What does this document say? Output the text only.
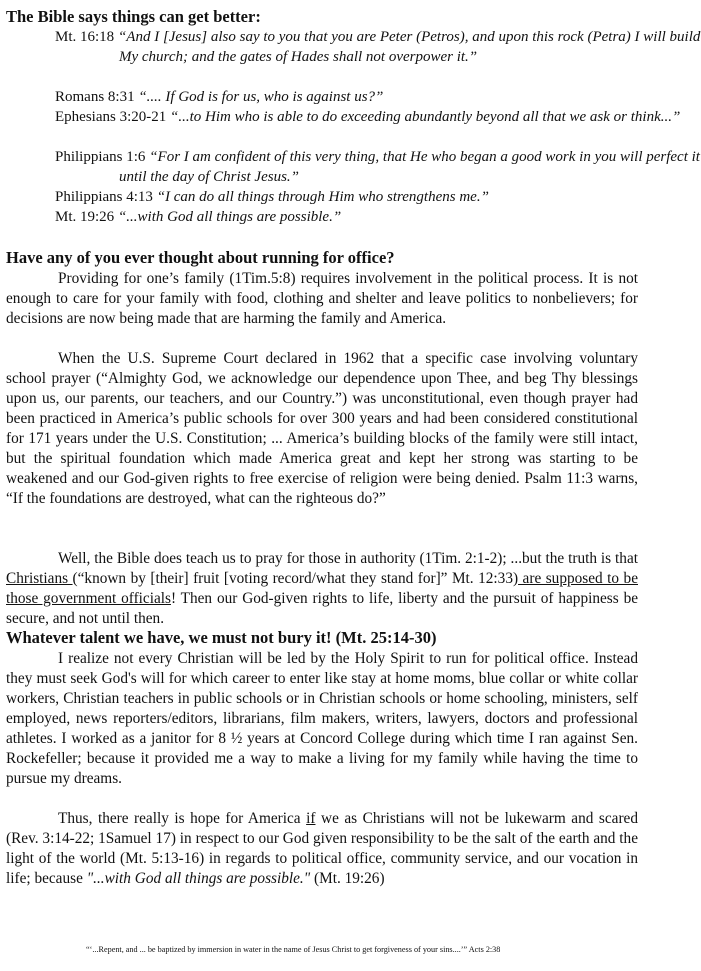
The Bible says things can get better:
Mt. 16:18 “And I [Jesus] also say to you that you are Peter (Petros), and upon this rock (Petra) I will build My church; and the gates of Hades shall not overpower it.”
Romans 8:31 “.... If God is for us, who is against us?”
Ephesians 3:20-21 “...to Him who is able to do exceeding abundantly beyond all that we ask or think...”
Philippians 1:6 “For I am confident of this very thing, that He who began a good work in you will perfect it until the day of Christ Jesus.”
Philippians 4:13 “I can do all things through Him who strengthens me.”
Mt. 19:26 “...with God all things are possible.”
Have any of you ever thought about running for office?
Providing for one’s family (1Tim.5:8) requires involvement in the political process. It is not enough to care for your family with food, clothing and shelter and leave politics to nonbelievers; for decisions are now being made that are harming the family and America.
When the U.S. Supreme Court declared in 1962 that a specific case involving voluntary school prayer (“Almighty God, we acknowledge our dependence upon Thee, and beg Thy blessings upon us, our parents, our teachers, and our Country.”) was unconstitutional, even though prayer had been practiced in America’s public schools for over 300 years and had been considered constitutional for 171 years under the U.S. Constitution; ... America’s building blocks of the family were still intact, but the spiritual foundation which made America great and kept her strong was starting to be weakened and our God-given rights to free exercise of religion were being denied. Psalm 11:3 warns, “If the foundations are destroyed, what can the righteous do?”
Well, the Bible does teach us to pray for those in authority (1Tim. 2:1-2); ...but the truth is that Christians (“known by [their] fruit [voting record/what they stand for]” Mt. 12:33) are supposed to be those government officials! Then our God-given rights to life, liberty and the pursuit of happiness be secure, and not until then.
Whatever talent we have, we must not bury it! (Mt. 25:14-30)
I realize not every Christian will be led by the Holy Spirit to run for political office. Instead they must seek God's will for which career to enter like stay at home moms, blue collar or white collar workers, Christian teachers in public schools or in Christian schools or home schooling, ministers, self employed, news reporters/editors, librarians, film makers, writers, lawyers, doctors and professional athletes. I worked as a janitor for 8 ½ years at Concord College during which time I ran against Sen. Rockefeller; because it provided me a way to make a living for my family while having the time to pursue my dreams.
Thus, there really is hope for America if we as Christians will not be lukewarm and scared (Rev. 3:14-22; 1Samuel 17) in respect to our God given responsibility to be the salt of the earth and the light of the world (Mt. 5:13-16) in regards to political office, community service, and our vocation in life; because "...with God all things are possible." (Mt. 19:26)
“‘...Repent, and ... be baptized by immersion in water in the name of Jesus Christ to get forgiveness of your sins....’” Acts 2:38
